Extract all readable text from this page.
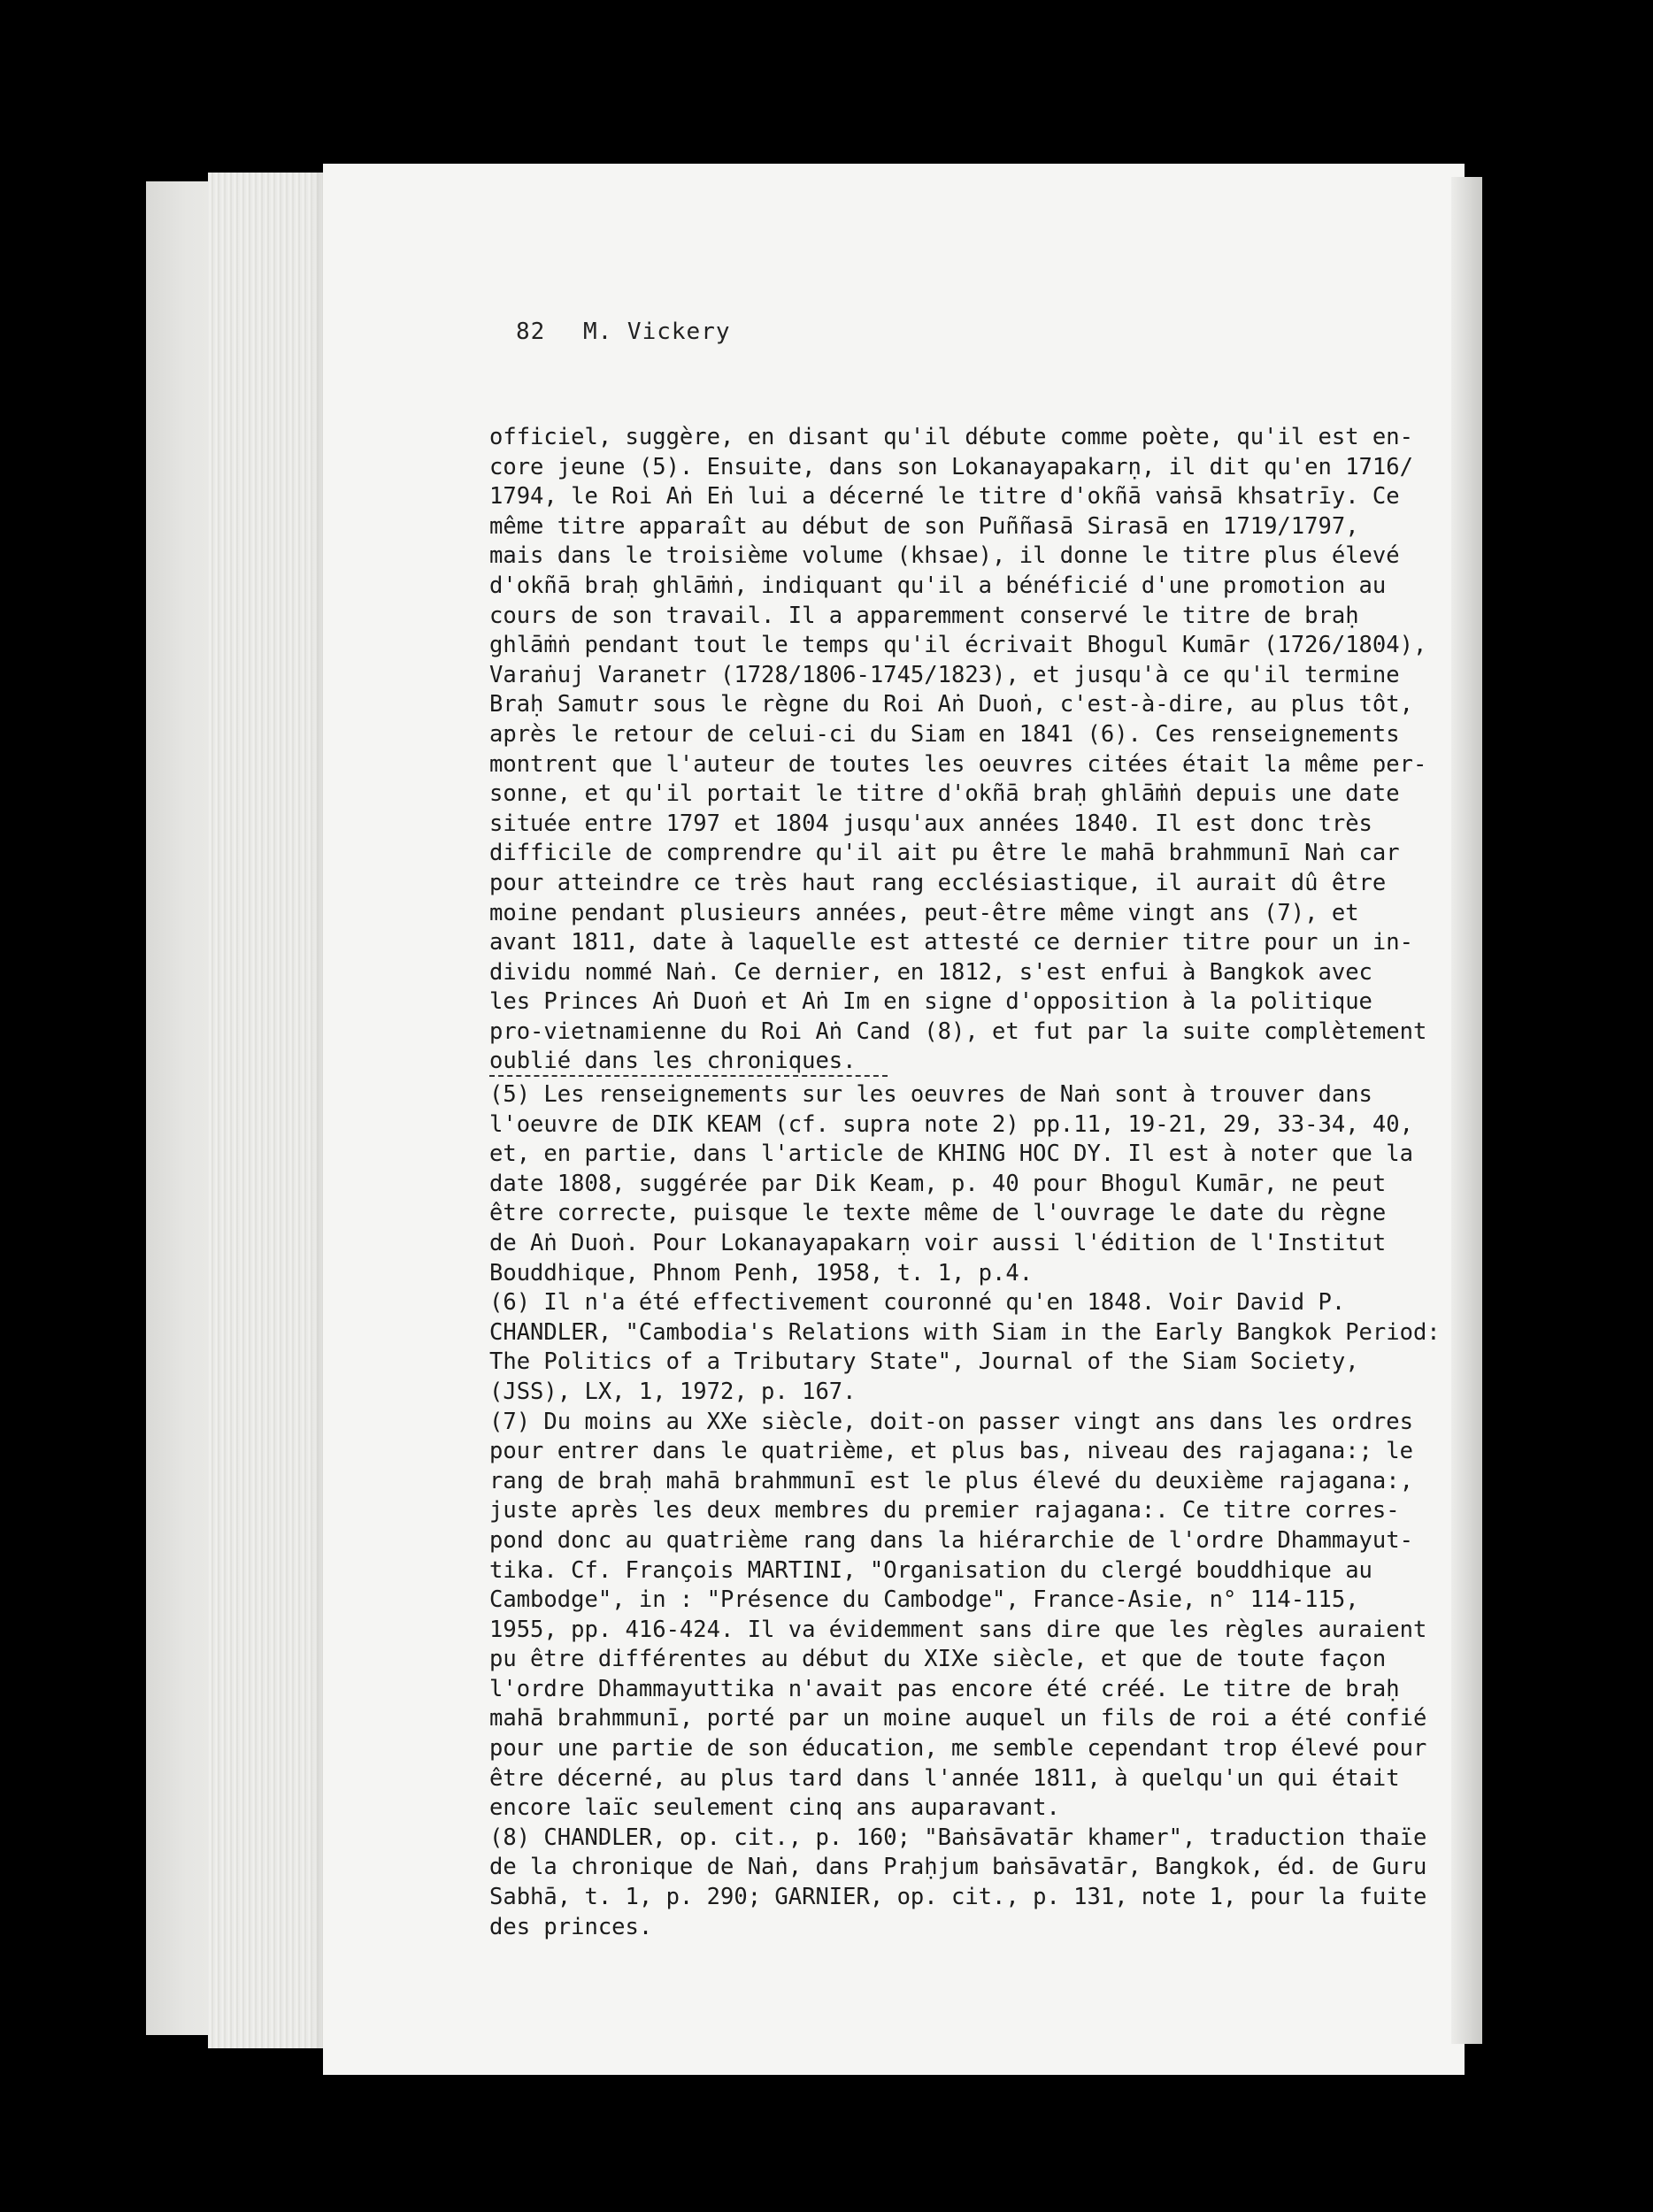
82 M. Vickery
officiel, suggère, en disant qu'il débute comme poète, qu'il est en-
core jeune (5). Ensuite, dans son Lokanayapakarṇ, il dit qu'en 1716/
1794, le Roi Aṅ Eṅ lui a décerné le titre d'okñā vaṅsā khsatrīy. Ce
même titre apparaît au début de son Puññasā Sirasā en 1719/1797,
mais dans le troisième volume (khsae), il donne le titre plus élevé
d'okñā braḥ ghlāṁṅ, indiquant qu'il a bénéficié d'une promotion au
cours de son travail. Il a apparemment conservé le titre de braḥ
ghlāṁṅ pendant tout le temps qu'il écrivait Bhogul Kumār (1726/1804),
Varaṅuj Varanetr (1728/1806-1745/1823), et jusqu'à ce qu'il termine
Braḥ Samutr sous le règne du Roi Aṅ Duoṅ, c'est-à-dire, au plus tôt,
après le retour de celui-ci du Siam en 1841 (6). Ces renseignements
montrent que l'auteur de toutes les oeuvres citées était la même per-
sonne, et qu'il portait le titre d'okñā braḥ ghlāṁṅ depuis une date
située entre 1797 et 1804 jusqu'aux années 1840. Il est donc très
difficile de comprendre qu'il ait pu être le mahā brahmmunī Naṅ car
pour atteindre ce très haut rang ecclésiastique, il aurait dû être
moine pendant plusieurs années, peut-être même vingt ans (7), et
avant 1811, date à laquelle est attesté ce dernier titre pour un in-
dividu nommé Naṅ. Ce dernier, en 1812, s'est enfui à Bangkok avec
les Princes Aṅ Duoṅ et Aṅ Im en signe d'opposition à la politique
pro-vietnamienne du Roi Aṅ Cand (8), et fut par la suite complètement
oublié dans les chroniques.
(5) Les renseignements sur les oeuvres de Naṅ sont à trouver dans
l'oeuvre de DIK KEAM (cf. supra note 2) pp.11, 19-21, 29, 33-34, 40,
et, en partie, dans l'article de KHING HOC DY. Il est à noter que la
date 1808, suggérée par Dik Keam, p. 40 pour Bhogul Kumār, ne peut
être correcte, puisque le texte même de l'ouvrage le date du règne
de Aṅ Duoṅ. Pour Lokanayapakarṇ voir aussi l'édition de l'Institut
Bouddhique, Phnom Penh, 1958, t. 1, p.4.
(6) Il n'a été effectivement couronné qu'en 1848. Voir David P.
CHANDLER, "Cambodia's Relations with Siam in the Early Bangkok Period:
The Politics of a Tributary State", Journal of the Siam Society,
(JSS), LX, 1, 1972, p. 167.
(7) Du moins au XXe siècle, doit-on passer vingt ans dans les ordres
pour entrer dans le quatrième, et plus bas, niveau des rajagana:; le
rang de braḥ mahā brahmmunī est le plus élevé du deuxième rajagana:,
juste après les deux membres du premier rajagana:. Ce titre corres-
pond donc au quatrième rang dans la hiérarchie de l'ordre Dhammayut-
tika. Cf. François MARTINI, "Organisation du clergé bouddhique au
Cambodge", in : "Présence du Cambodge", France-Asie, n° 114-115,
1955, pp. 416-424. Il va évidemment sans dire que les règles auraient
pu être différentes au début du XIXe siècle, et que de toute façon
l'ordre Dhammayuttika n'avait pas encore été créé. Le titre de braḥ
mahā brahmmunī, porté par un moine auquel un fils de roi a été confié
pour une partie de son éducation, me semble cependant trop élevé pour
être décerné, au plus tard dans l'année 1811, à quelqu'un qui était
encore laïc seulement cinq ans auparavant.
(8) CHANDLER, op. cit., p. 160; "Baṅsāvatār khamer", traduction thaïe
de la chronique de Naṅ, dans Praḥjum baṅsāvatār, Bangkok, éd. de Guru
Sabhā, t. 1, p. 290; GARNIER, op. cit., p. 131, note 1, pour la fuite
des princes.
